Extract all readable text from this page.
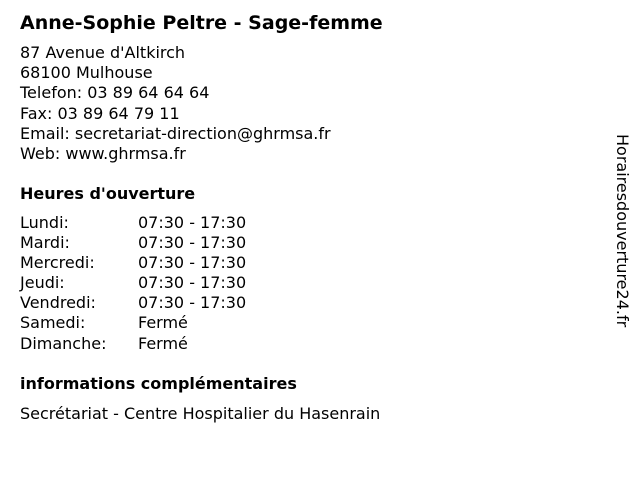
Anne-Sophie Peltre - Sage-femme
87 Avenue d'Altkirch
68100 Mulhouse
Telefon: 03 89 64 64 64
Fax: 03 89 64 79 11
Email: secretariat-direction@ghrmsa.fr
Web: www.ghrmsa.fr
Heures d'ouverture
Lundi:	07:30 - 17:30
Mardi:	07:30 - 17:30
Mercredi:	07:30 - 17:30
Jeudi:	07:30 - 17:30
Vendredi:	07:30 - 17:30
Samedi:	Fermé
Dimanche: Fermé
informations complémentaires
Secrétariat - Centre Hospitalier du Hasenrain
Horairesdouverture24.fr
